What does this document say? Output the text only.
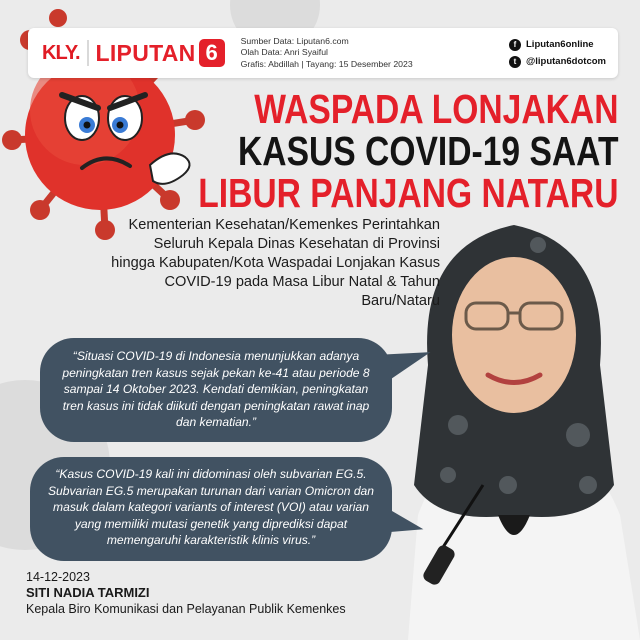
KLY. LIPUTAN 6	Sumber Data: Liputan6.com
Olah Data: Anri Syaiful
Grafis: Abdillah | Tayang: 15 Desember 2023
f	Liputan6online
t	@liputan6dotcom
WASPADA LONJAKAN
KASUS COVID-19 SAAT
LIBUR PANJANG NATARU
Kementerian Kesehatan/Kemenkes Perintahkan Seluruh Kepala Dinas Kesehatan di Provinsi hingga Kabupaten/Kota Waspadai Lonjakan Kasus COVID-19 pada Masa Libur Natal & Tahun Baru/Nataru
“Situasi COVID-19 di Indonesia menunjukkan adanya peningkatan tren kasus sejak pekan ke-41 atau periode 8 sampai 14 Oktober 2023. Kendati demikian, peningkatan tren kasus ini tidak diikuti dengan peningkatan rawat inap dan kematian.”
“Kasus COVID-19 kali ini didominasi oleh subvarian EG.5. Subvarian EG.5 merupakan turunan dari varian Omicron dan masuk dalam kategori variants of interest (VOI) atau varian yang memiliki mutasi genetik yang diprediksi dapat memengaruhi karakteristik klinis virus.”
14-12-2023
SITI NADIA TARMIZI
Kepala Biro Komunikasi dan Pelayanan Publik Kemenkes
